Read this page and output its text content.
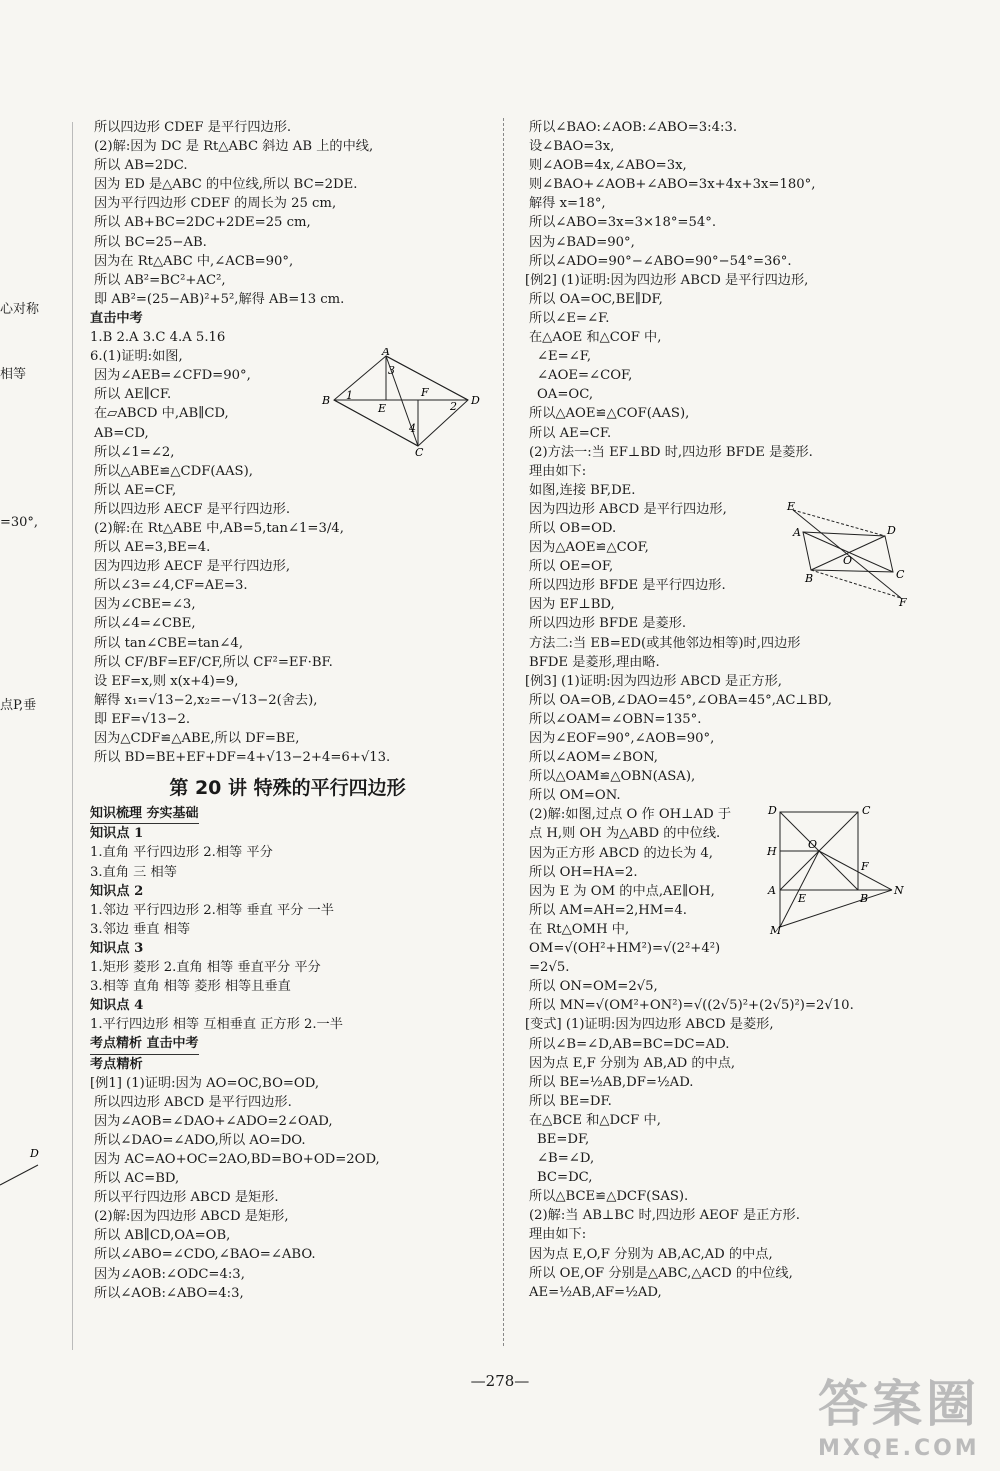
心对称
相等
=30°,
点P,垂
D
所以四边形 CDEF 是平行四边形.
(2)解:因为 DC 是 Rt△ABC 斜边 AB 上的中线,
所以 AB=2DC.
因为 ED 是△ABC 的中位线,所以 BC=2DE.
因为平行四边形 CDEF 的周长为 25 cm,
所以 AB+BC=2DC+2DE=25 cm,
所以 BC=25−AB.
因为在 Rt△ABC 中,∠ACB=90°,
所以 AB²=BC²+AC²,
即 AB²=(25−AB)²+5²,解得 AB=13 cm.
直击中考
1.B 2.A 3.C 4.A 5.16
6.(1)证明:如图,
因为∠AEB=∠CFD=90°,
所以 AE∥CF.
在▱ABCD 中,AB∥CD,
AB=CD,
所以∠1=∠2,
所以△ABE≌△CDF(AAS),
所以 AE=CF,
所以四边形 AECF 是平行四边形.
(2)解:在 Rt△ABE 中,AB=5,tan∠1=3/4,
所以 AE=3,BE=4.
因为四边形 AECF 是平行四边形,
所以∠3=∠4,CF=AE=3.
因为∠CBE=∠3,
所以∠4=∠CBE,
所以 tan∠CBE=tan∠4,
所以 CF/BF=EF/CF,所以 CF²=EF·BF.
设 EF=x,则 x(x+4)=9,
解得 x₁=√13−2,x₂=−√13−2(舍去),
即 EF=√13−2.
因为△CDF≌△ABE,所以 DF=BE,
所以 BD=BE+EF+DF=4+√13−2+4=6+√13.
第 20 讲 特殊的平行四边形
知识梳理 夯实基础
知识点 1
1.直角 平行四边形 2.相等 平分
3.直角 三 相等
知识点 2
1.邻边 平行四边形 2.相等 垂直 平分 一半
3.邻边 垂直 相等
知识点 3
1.矩形 菱形 2.直角 相等 垂直平分 平分
3.相等 直角 相等 菱形 相等且垂直
知识点 4
1.平行四边形 相等 互相垂直 正方形 2.一半
考点精析 直击中考
考点精析
[例1] (1)证明:因为 AO=OC,BO=OD,
所以四边形 ABCD 是平行四边形.
因为∠AOB=∠DAO+∠ADO=2∠OAD,
所以∠DAO=∠ADO,所以 AO=DO.
因为 AC=AO+OC=2AO,BD=BO+OD=2OD,
所以 AC=BD,
所以平行四边形 ABCD 是矩形.
(2)解:因为四边形 ABCD 是矩形,
所以 AB∥CD,OA=OB,
所以∠ABO=∠CDO,∠BAO=∠ABO.
因为∠AOB:∠ODC=4:3,
所以∠AOB:∠ABO=4:3,
A
B
C
D
E
F
1
2
3
4
所以∠BAO:∠AOB:∠ABO=3:4:3.
设∠BAO=3x,
则∠AOB=4x,∠ABO=3x,
则∠BAO+∠AOB+∠ABO=3x+4x+3x=180°,
解得 x=18°,
所以∠ABO=3x=3×18°=54°.
因为∠BAD=90°,
所以∠ADO=90°−∠ABO=90°−54°=36°.
[例2] (1)证明:因为四边形 ABCD 是平行四边形,
所以 OA=OC,BE∥DF,
所以∠E=∠F.
在△AOE 和△COF 中,
∠E=∠F,
∠AOE=∠COF,
OA=OC,
所以△AOE≌△COF(AAS),
所以 AE=CF.
(2)方法一:当 EF⊥BD 时,四边形 BFDE 是菱形.
理由如下:
如图,连接 BF,DE.
因为四边形 ABCD 是平行四边形,
所以 OB=OD.
因为△AOE≌△COF,
所以 OE=OF,
所以四边形 BFDE 是平行四边形.
因为 EF⊥BD,
所以四边形 BFDE 是菱形.
方法二:当 EB=ED(或其他邻边相等)时,四边形
BFDE 是菱形,理由略.
[例3] (1)证明:因为四边形 ABCD 是正方形,
所以 OA=OB,∠DAO=45°,∠OBA=45°,AC⊥BD,
所以∠OAM=∠OBN=135°.
因为∠EOF=90°,∠AOB=90°,
所以∠AOM=∠BON,
所以△OAM≌△OBN(ASA),
所以 OM=ON.
(2)解:如图,过点 O 作 OH⊥AD 于
点 H,则 OH 为△ABD 的中位线.
因为正方形 ABCD 的边长为 4,
所以 OH=HA=2.
因为 E 为 OM 的中点,AE∥OH,
所以 AM=AH=2,HM=4.
在 Rt△OMH 中,
OM=√(OH²+HM²)=√(2²+4²)
=2√5.
所以 ON=OM=2√5,
所以 MN=√(OM²+ON²)=√((2√5)²+(2√5)²)=2√10.
[变式] (1)证明:因为四边形 ABCD 是菱形,
所以∠B=∠D,AB=BC=DC=AD.
因为点 E,F 分别为 AB,AD 的中点,
所以 BE=½AB,DF=½AD.
所以 BE=DF.
在△BCE 和△DCF 中,
BE=DF,
∠B=∠D,
BC=DC,
所以△BCE≌△DCF(SAS).
(2)解:当 AB⊥BC 时,四边形 AEOF 是正方形.
理由如下:
因为点 E,O,F 分别为 AB,AC,AD 的中点,
所以 OE,OF 分别是△ABC,△ACD 的中位线,
AE=½AB,AF=½AD,
E
A	D
O
B	C
F
D	C
H
O
F
A
B
E
N
M
—278—	答案圈
MXQE.COM
